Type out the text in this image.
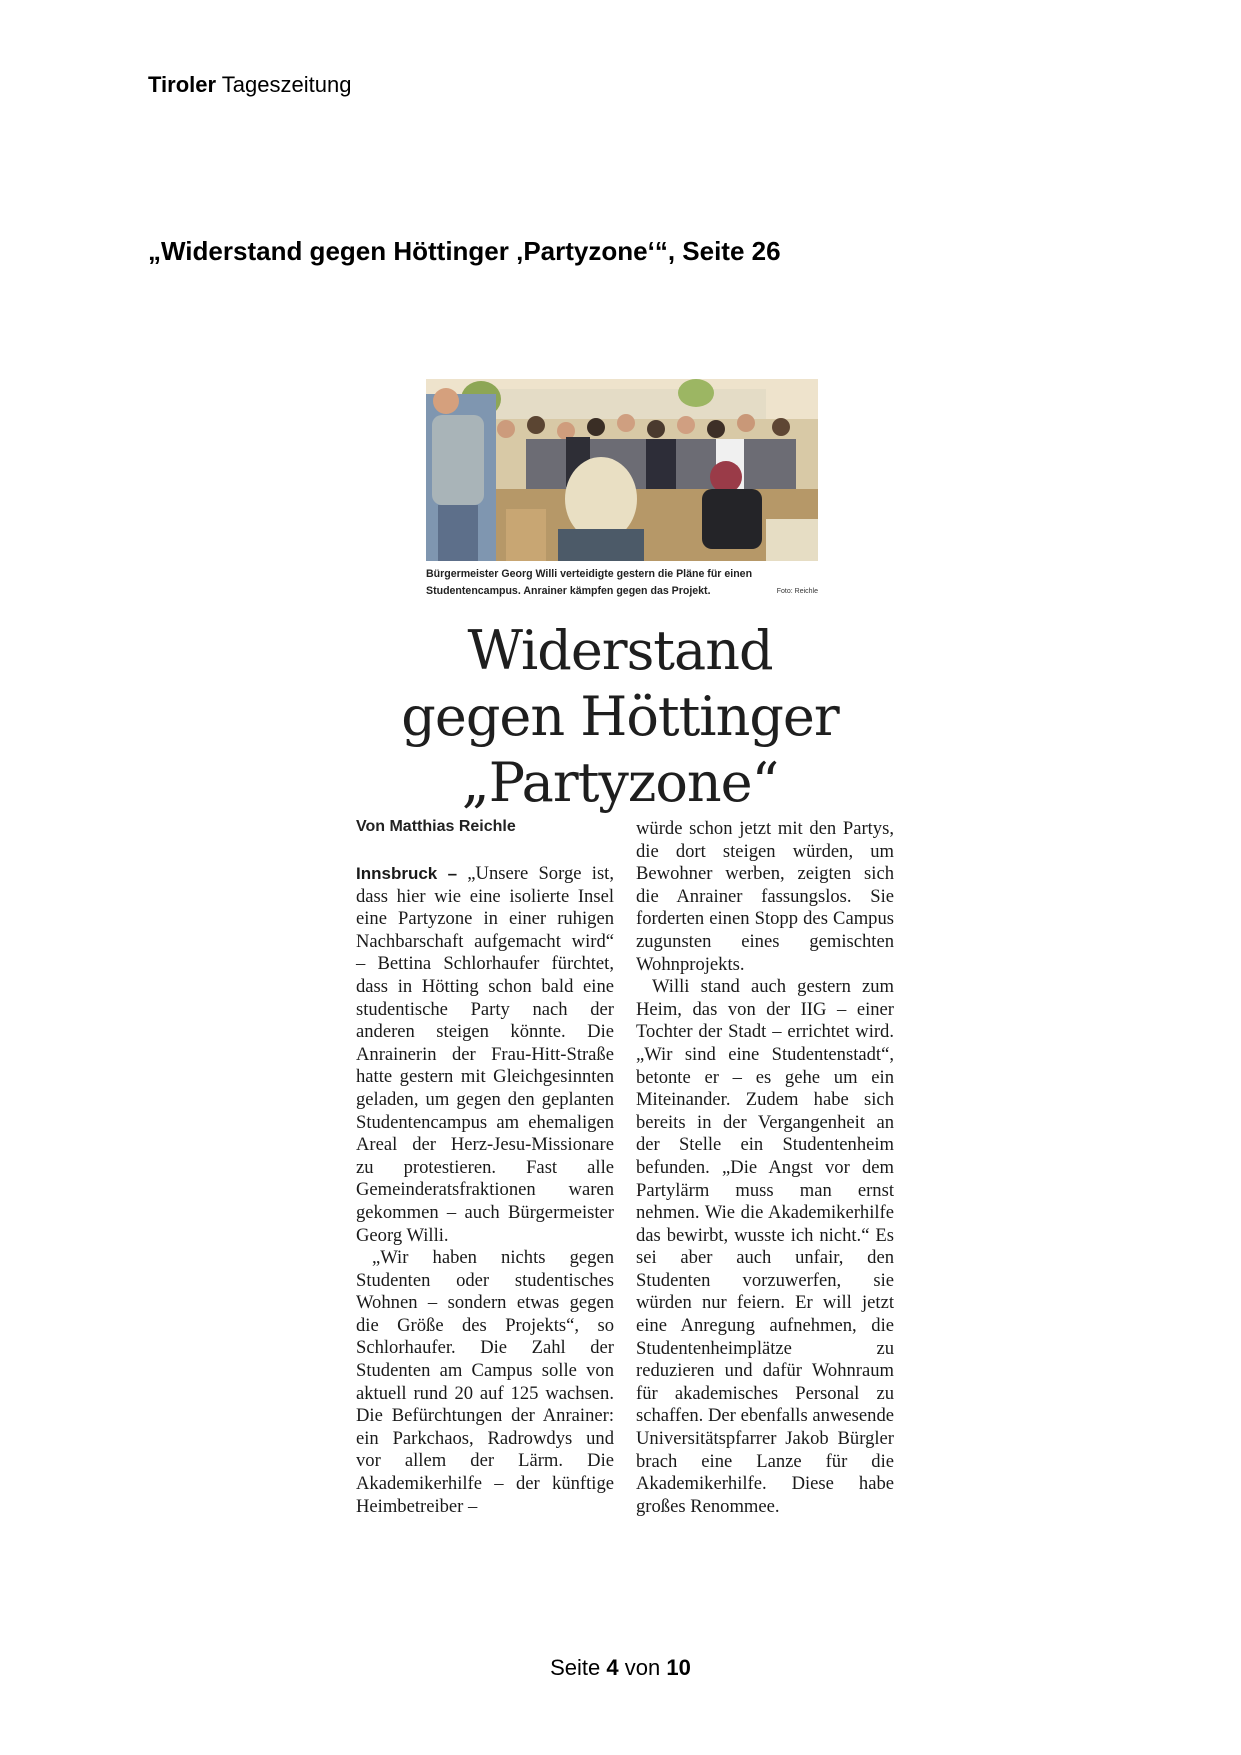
Tiroler Tageszeitung
„Widerstand gegen Höttinger ‚Partyzone‘“, Seite 26
Bürgermeister Georg Willi verteidigte gestern die Pläne für einen Studentencampus. Anrainer kämpfen gegen das Projekt.	Foto: Reichle
Widerstand
gegen Höttinger
„Partyzone“
Von Matthias Reichle

Innsbruck – „Unsere Sorge ist, dass hier wie eine isolierte Insel eine Partyzone in einer ruhigen Nachbarschaft aufgemacht wird“ – Bettina Schlorhaufer fürchtet, dass in Hötting schon bald eine studentische Party nach der anderen steigen könnte. Die Anrainerin der Frau-Hitt-Straße hatte gestern mit Gleichgesinnten geladen, um gegen den geplanten Studentencampus am ehemaligen Areal der Herz-Jesu-Missionare zu protestieren. Fast alle Gemeinderatsfraktionen waren gekommen – auch Bürgermeister Georg Willi.

„Wir haben nichts gegen Studenten oder studentisches Wohnen – sondern etwas gegen die Größe des Projekts“, so Schlorhaufer. Die Zahl der Studenten am Campus solle von aktuell rund 20 auf 125 wachsen. Die Befürchtungen der Anrainer: ein Parkchaos, Radrowdys und vor allem der Lärm. Die Akademikerhilfe – der künftige Heimbetreiber –

würde schon jetzt mit den Partys, die dort steigen würden, um Bewohner werben, zeigten sich die Anrainer fassungslos. Sie forderten einen Stopp des Campus zugunsten eines gemischten Wohnprojekts.

Willi stand auch gestern zum Heim, das von der IIG – einer Tochter der Stadt – errichtet wird. „Wir sind eine Studentenstadt“, betonte er – es gehe um ein Miteinander. Zudem habe sich bereits in der Vergangenheit an der Stelle ein Studentenheim befunden. „Die Angst vor dem Partylärm muss man ernst nehmen. Wie die Akademikerhilfe das bewirbt, wusste ich nicht.“ Es sei aber auch unfair, den Studenten vorzuwerfen, sie würden nur feiern. Er will jetzt eine Anregung aufnehmen, die Studentenheimplätze zu reduzieren und dafür Wohnraum für akademisches Personal zu schaffen. Der ebenfalls anwesende Universitätspfarrer Jakob Bürgler brach eine Lanze für die Akademikerhilfe. Diese habe großes Renommee.

Seite 4 von 10
